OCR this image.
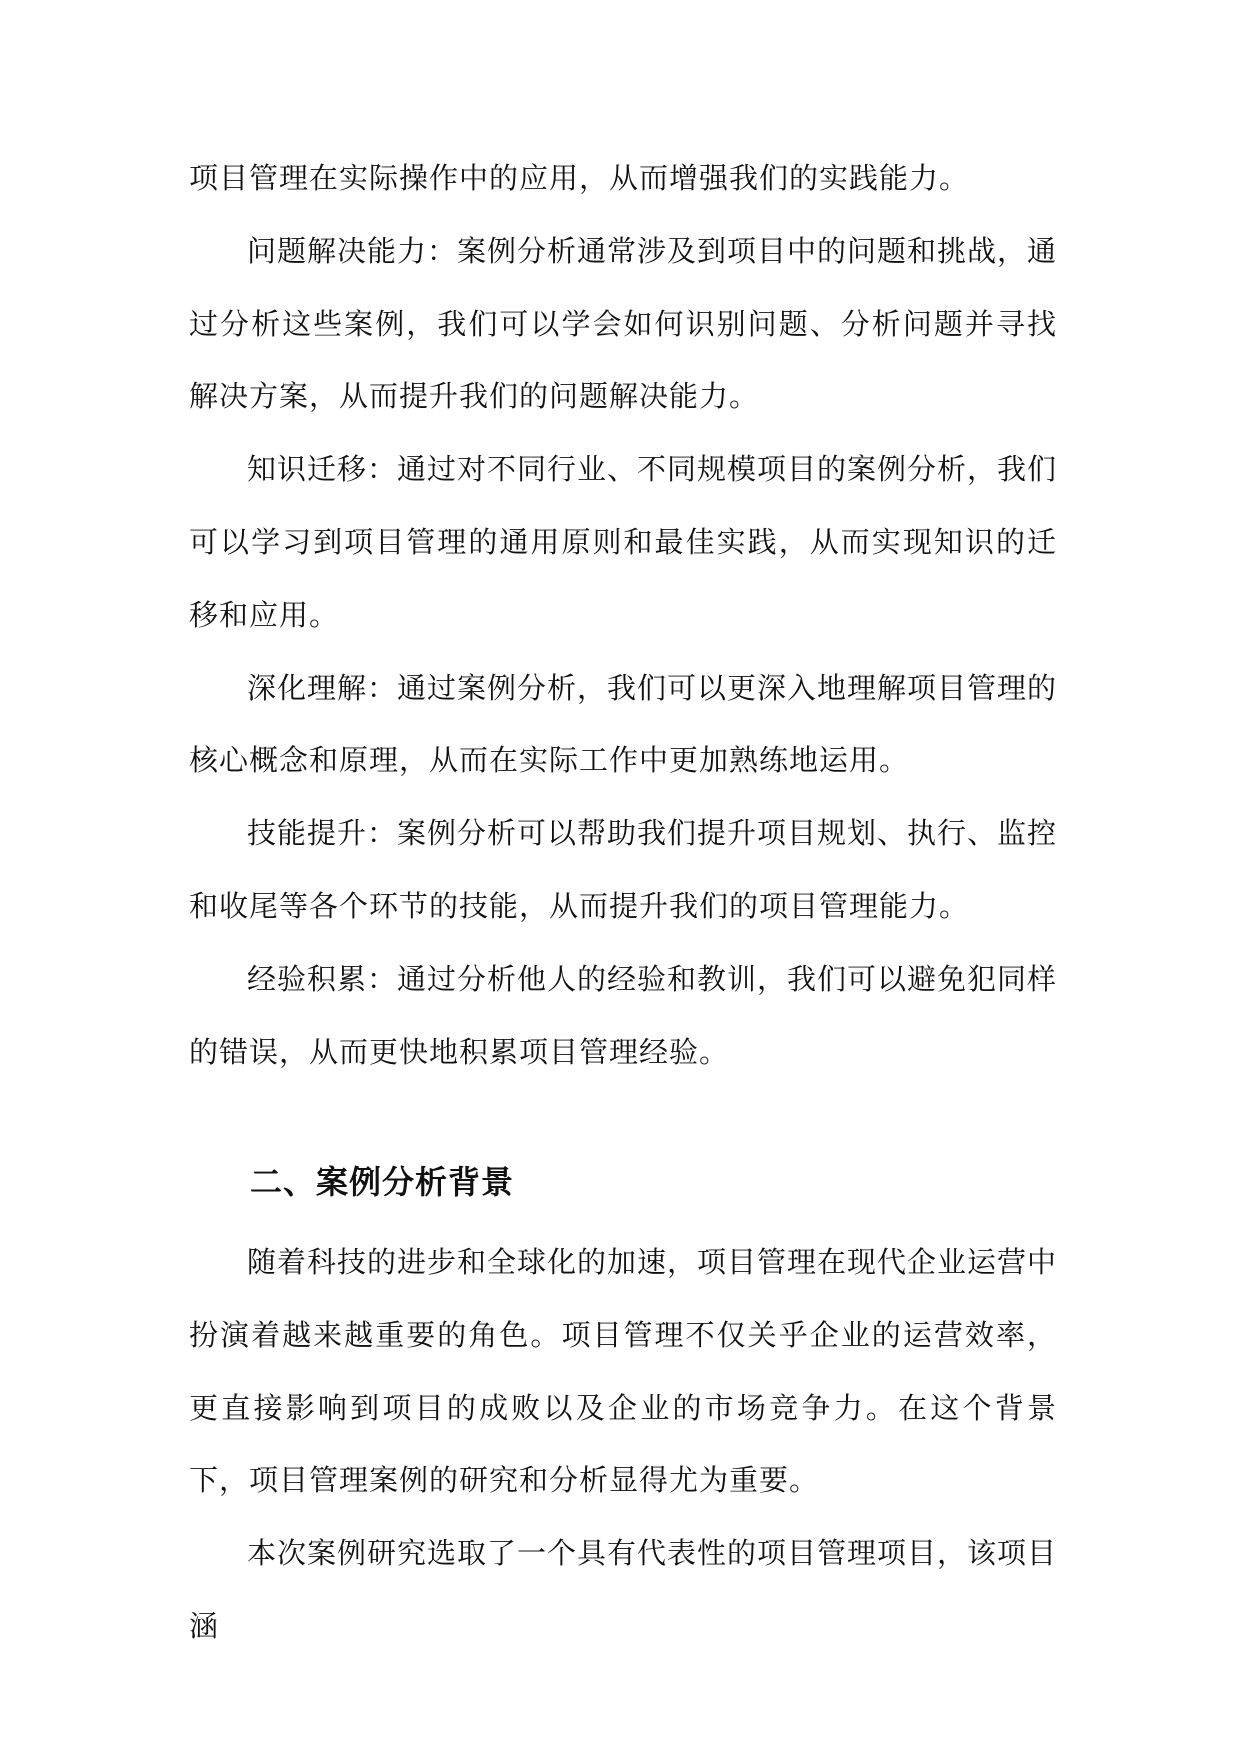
项目管理在实际操作中的应用，从而增强我们的实践能力。

问题解决能力：案例分析通常涉及到项目中的问题和挑战，通过分析这些案例，我们可以学会如何识别问题、分析问题并寻找解决方案，从而提升我们的问题解决能力。

知识迁移：通过对不同行业、不同规模项目的案例分析，我们可以学习到项目管理的通用原则和最佳实践，从而实现知识的迁移和应用。

深化理解：通过案例分析，我们可以更深入地理解项目管理的核心概念和原理，从而在实际工作中更加熟练地运用。

技能提升：案例分析可以帮助我们提升项目规划、执行、监控和收尾等各个环节的技能，从而提升我们的项目管理能力。

经验积累：通过分析他人的经验和教训，我们可以避免犯同样的错误，从而更快地积累项目管理经验。

二、案例分析背景

随着科技的进步和全球化的加速，项目管理在现代企业运营中扮演着越来越重要的角色。项目管理不仅关乎企业的运营效率，更直接影响到项目的成败以及企业的市场竞争力。在这个背景下，项目管理案例的研究和分析显得尤为重要。

本次案例研究选取了一个具有代表性的项目管理项目，该项目涵
